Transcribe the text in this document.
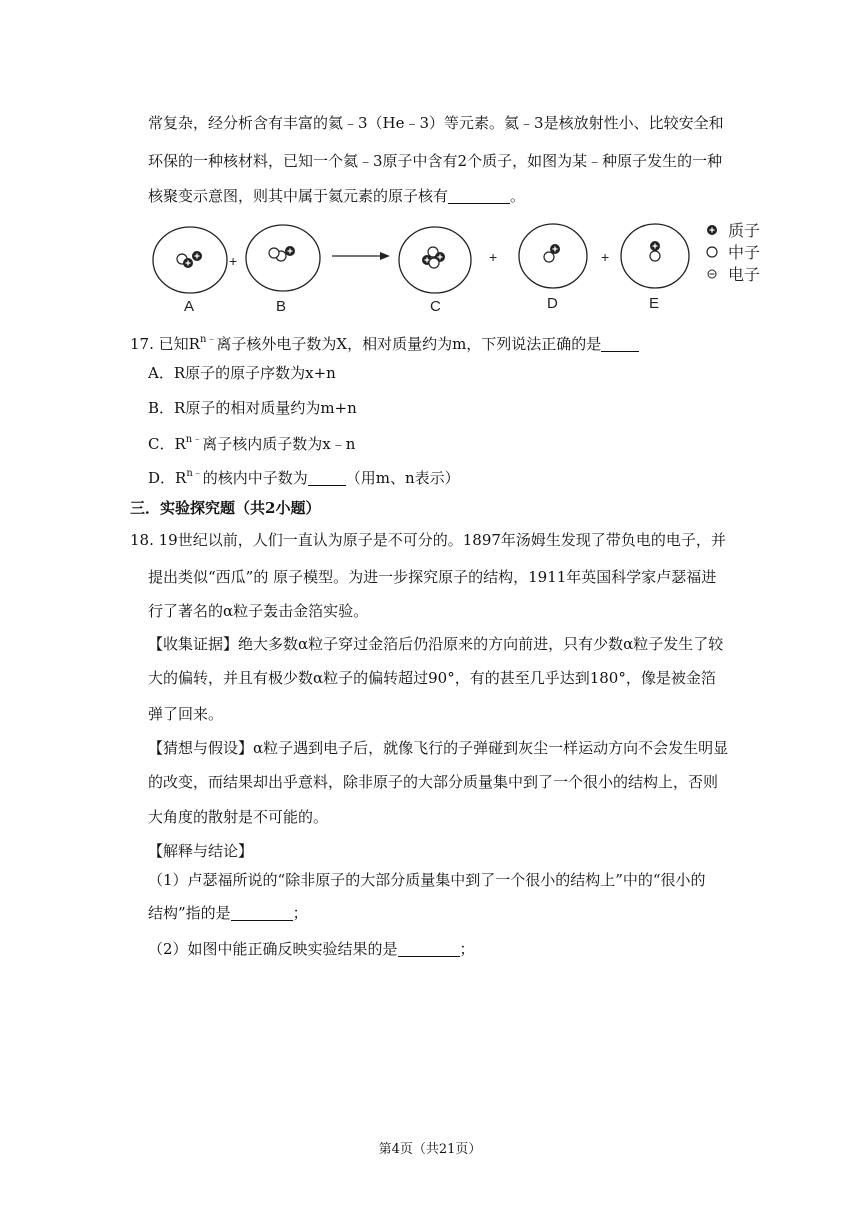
常复杂，经分析含有丰富的氦﹣3（He﹣3）等元素。氦﹣3是核放射性小、比较安全和
环保的一种核材料，已知一个氦﹣3原子中含有2个质子，如图为某﹣种原子发生的一种
核聚变示意图，则其中属于氦元素的原子核有	。
+	+	+
A	B	C	D	E
质子
中子
电子
17. 已知$R^{n﹣}$离子核外电子数为X，相对质量约为m，下列说法正确的是
A．R原子的原子序数为x+n
B．R原子的相对质量约为m+n
C．$R^{n﹣}$离子核内质子数为x﹣n
D．$R^{n﹣}$的核内中子数为	（用m、n表示）
三．实验探究题（共2小题）
18. 19世纪以前，人们一直认为原子是不可分的。1897年汤姆生发现了带负电的电子，并
提出类似“西瓜”的 原子模型。为进一步探究原子的结构，1911年英国科学家卢瑟福进
行了著名的α粒子轰击金箔实验。
【收集证据】绝大多数α粒子穿过金箔后仍沿原来的方向前进，只有少数α粒子发生了较
大的偏转，并且有极少数α粒子的偏转超过90°，有的甚至几乎达到180°，像是被金箔
弹了回来。
【猜想与假设】α粒子遇到电子后，就像飞行的子弹碰到灰尘一样运动方向不会发生明显
的改变，而结果却出乎意料，除非原子的大部分质量集中到了一个很小的结构上，否则
大角度的散射是不可能的。
【解释与结论】
（1）卢瑟福所说的“除非原子的大部分质量集中到了一个很小的结构上”中的“很小的
结构”指的是	；
（2）如图中能正确反映实验结果的是	；
第4页（共21页）
